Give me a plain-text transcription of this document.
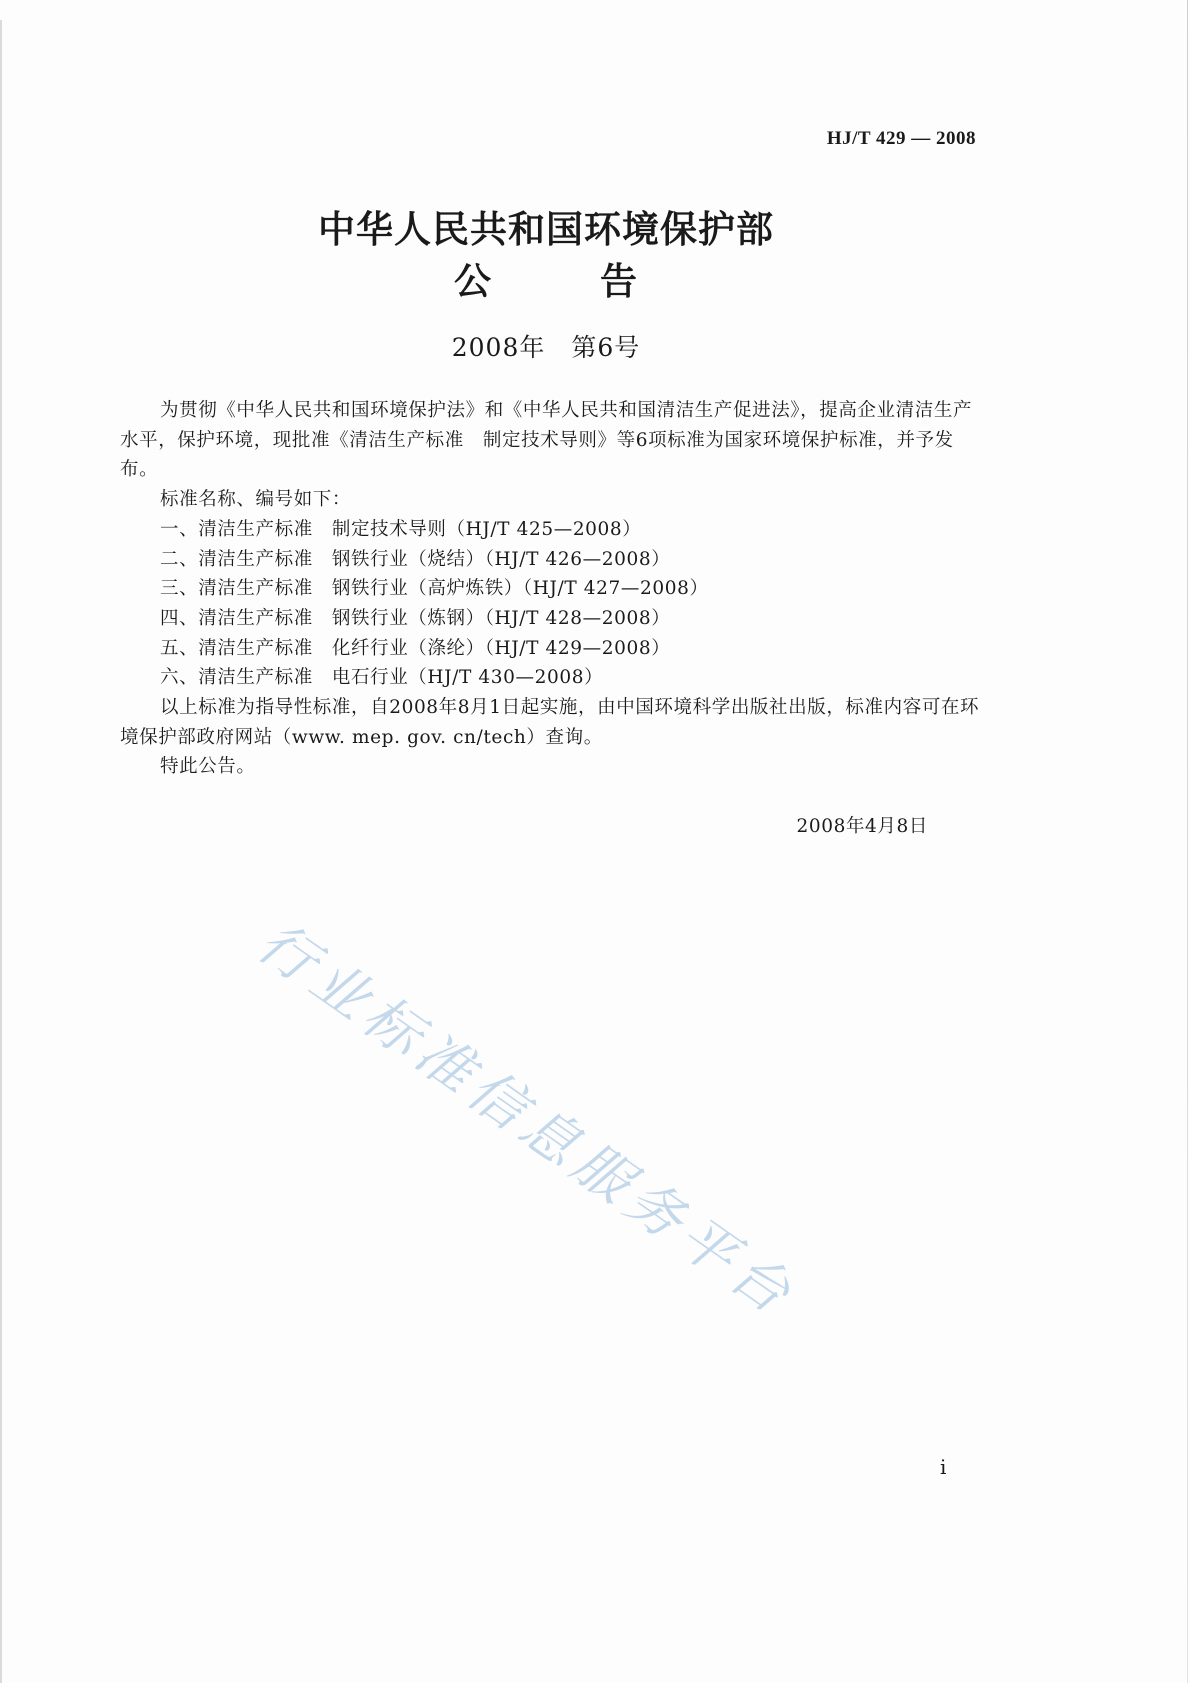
HJ/T 429 — 2008
中华人民共和国环境保护部
公	告
2008年　第6号

为贯彻《中华人民共和国环境保护法》和《中华人民共和国清洁生产促进法》，提高企业清洁生产水平，保护环境，现批准《清洁生产标准　制定技术导则》等6项标准为国家环境保护标准，并予发布。

标准名称、编号如下：

一、清洁生产标准　制定技术导则（HJ/T 425—2008）

二、清洁生产标准　钢铁行业（烧结）（HJ/T 426—2008）

三、清洁生产标准　钢铁行业（高炉炼铁）（HJ/T 427—2008）

四、清洁生产标准　钢铁行业（炼钢）（HJ/T 428—2008）

五、清洁生产标准　化纤行业（涤纶）（HJ/T 429—2008）

六、清洁生产标准　电石行业（HJ/T 430—2008）

以上标准为指导性标准，自2008年8月1日起实施，由中国环境科学出版社出版，标准内容可在环境保护部政府网站（www. mep. gov. cn/tech）查询。

特此公告。

2008年4月8日
行业标准信息服务平台
i
